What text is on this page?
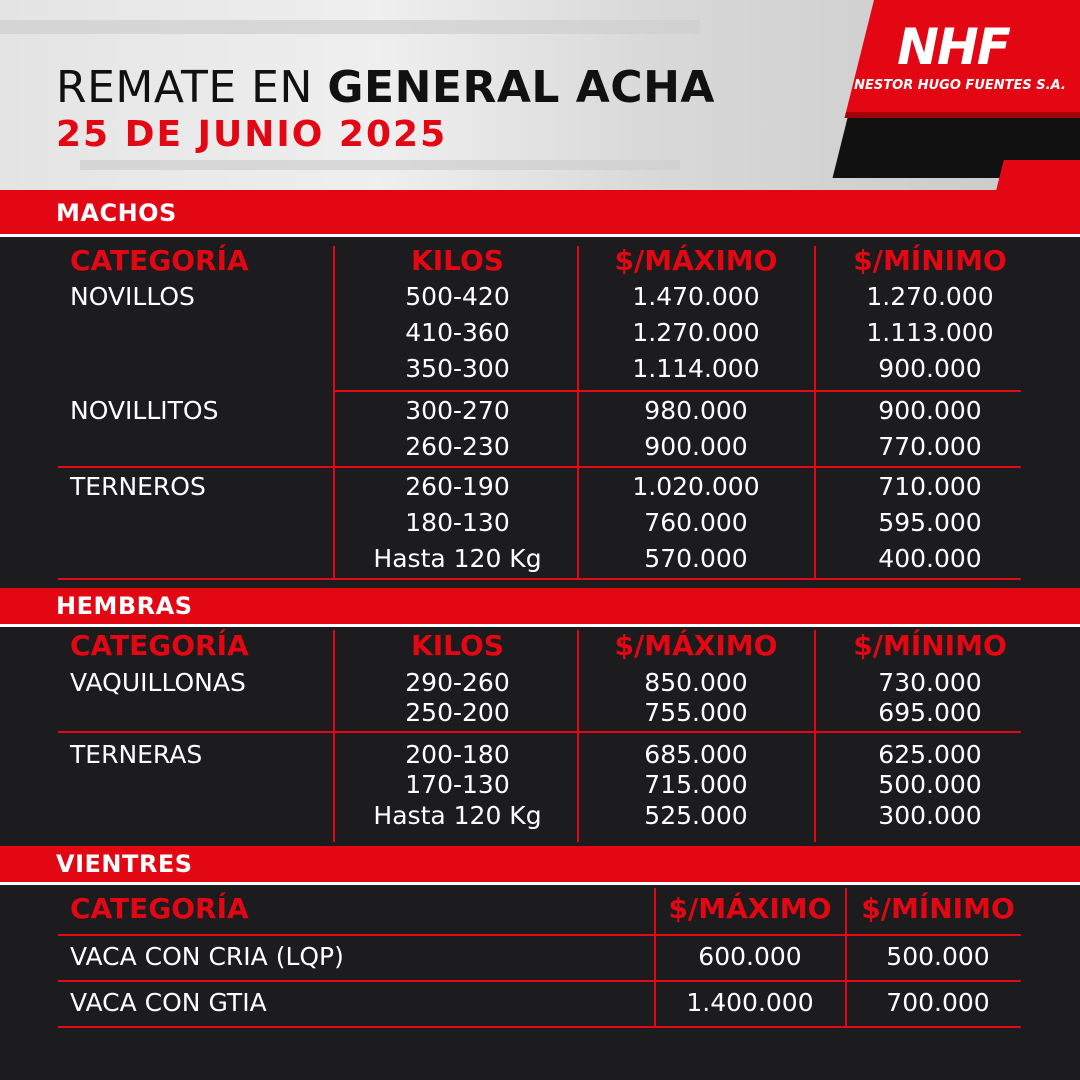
REMATE EN GENERAL ACHA
25 DE JUNIO 2025
NHF
NESTOR HUGO FUENTES S.A.
MACHOS
CATEGORÍA	KILOS	$/MÁXIMO	$/MÍNIMO
NOVILLOS	500-420	1.470.000	1.270.000
410-360	1.270.000	1.113.000
350-300	1.114.000	900.000
NOVILLITOS	300-270	980.000	900.000
260-230	900.000	770.000
TERNEROS	260-190	1.020.000	710.000
180-130	760.000	595.000
Hasta 120 Kg	570.000	400.000
HEMBRAS
CATEGORÍA	KILOS	$/MÁXIMO	$/MÍNIMO
VAQUILLONAS	290-260	850.000	730.000
250-200	755.000	695.000
TERNERAS	200-180	685.000	625.000
170-130	715.000	500.000
Hasta 120 Kg	525.000	300.000
VIENTRES
CATEGORÍA	$/MÁXIMO	$/MÍNIMO
VACA CON CRIA (LQP)	600.000	500.000
VACA CON GTIA	1.400.000	700.000
